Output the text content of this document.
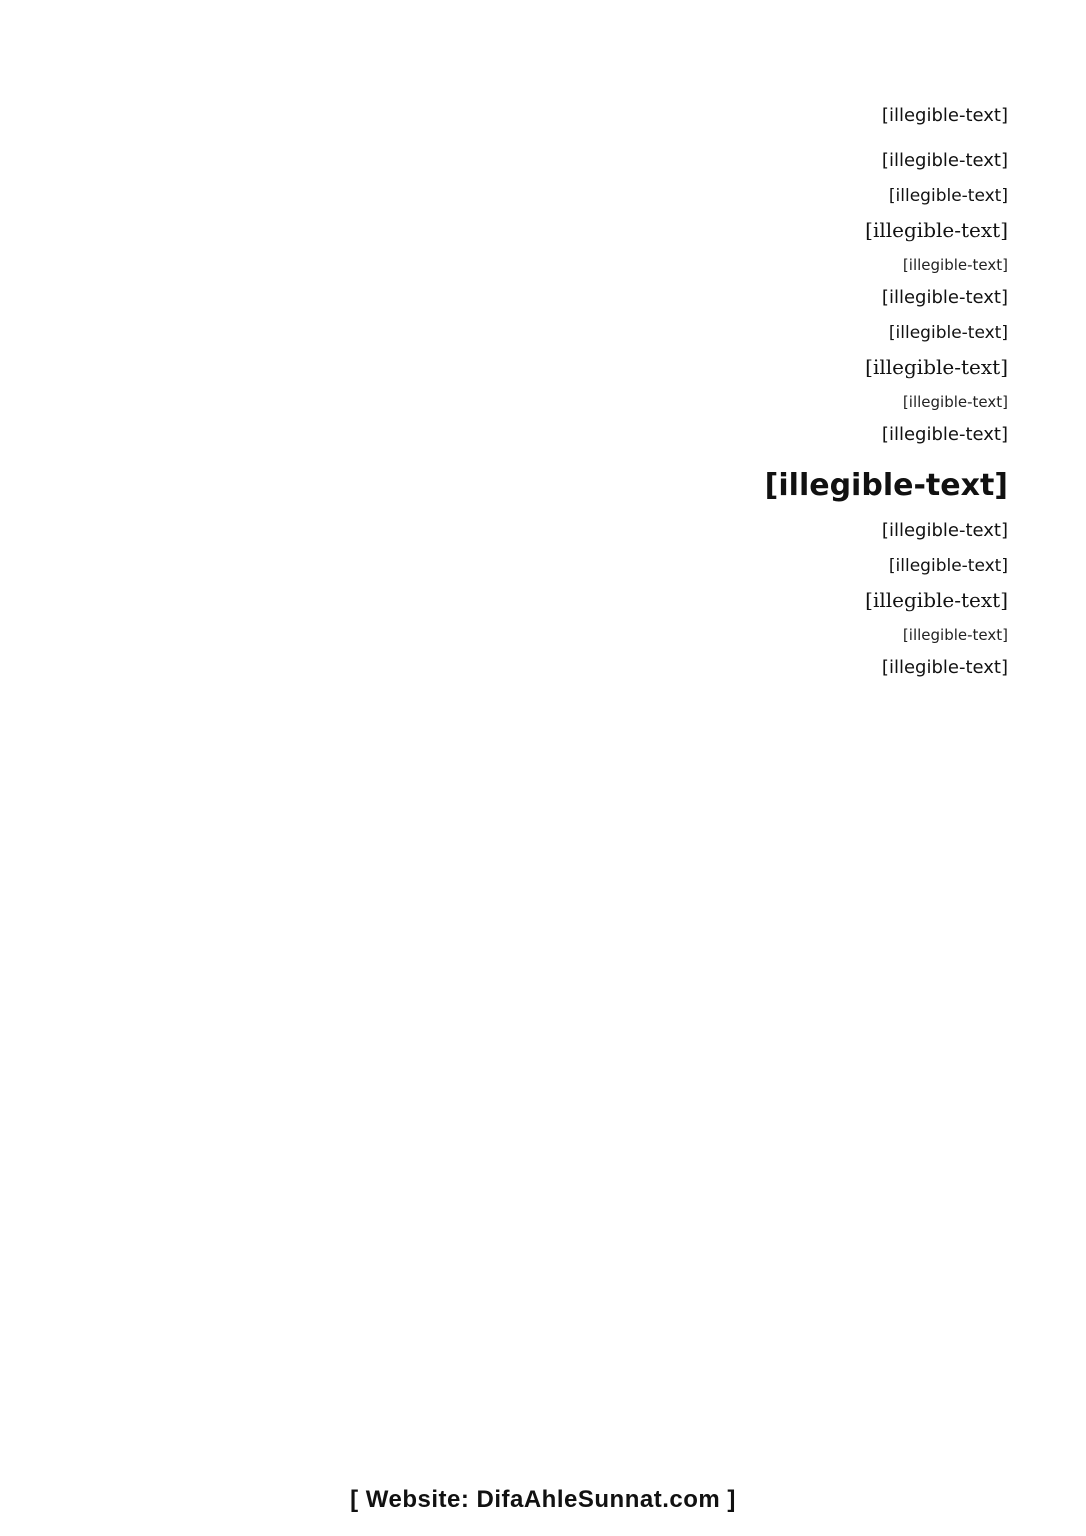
[illegible-text]
[illegible-text]
[illegible-text]
[illegible-text]
[illegible-text]
[illegible-text]
[illegible-text]
[illegible-text]
[illegible-text]
[illegible-text]
[illegible-text]
[illegible-text]
[illegible-text]
[illegible-text]
[illegible-text]
[illegible-text]
[ Website: DifaAhleSunnat.com ]
